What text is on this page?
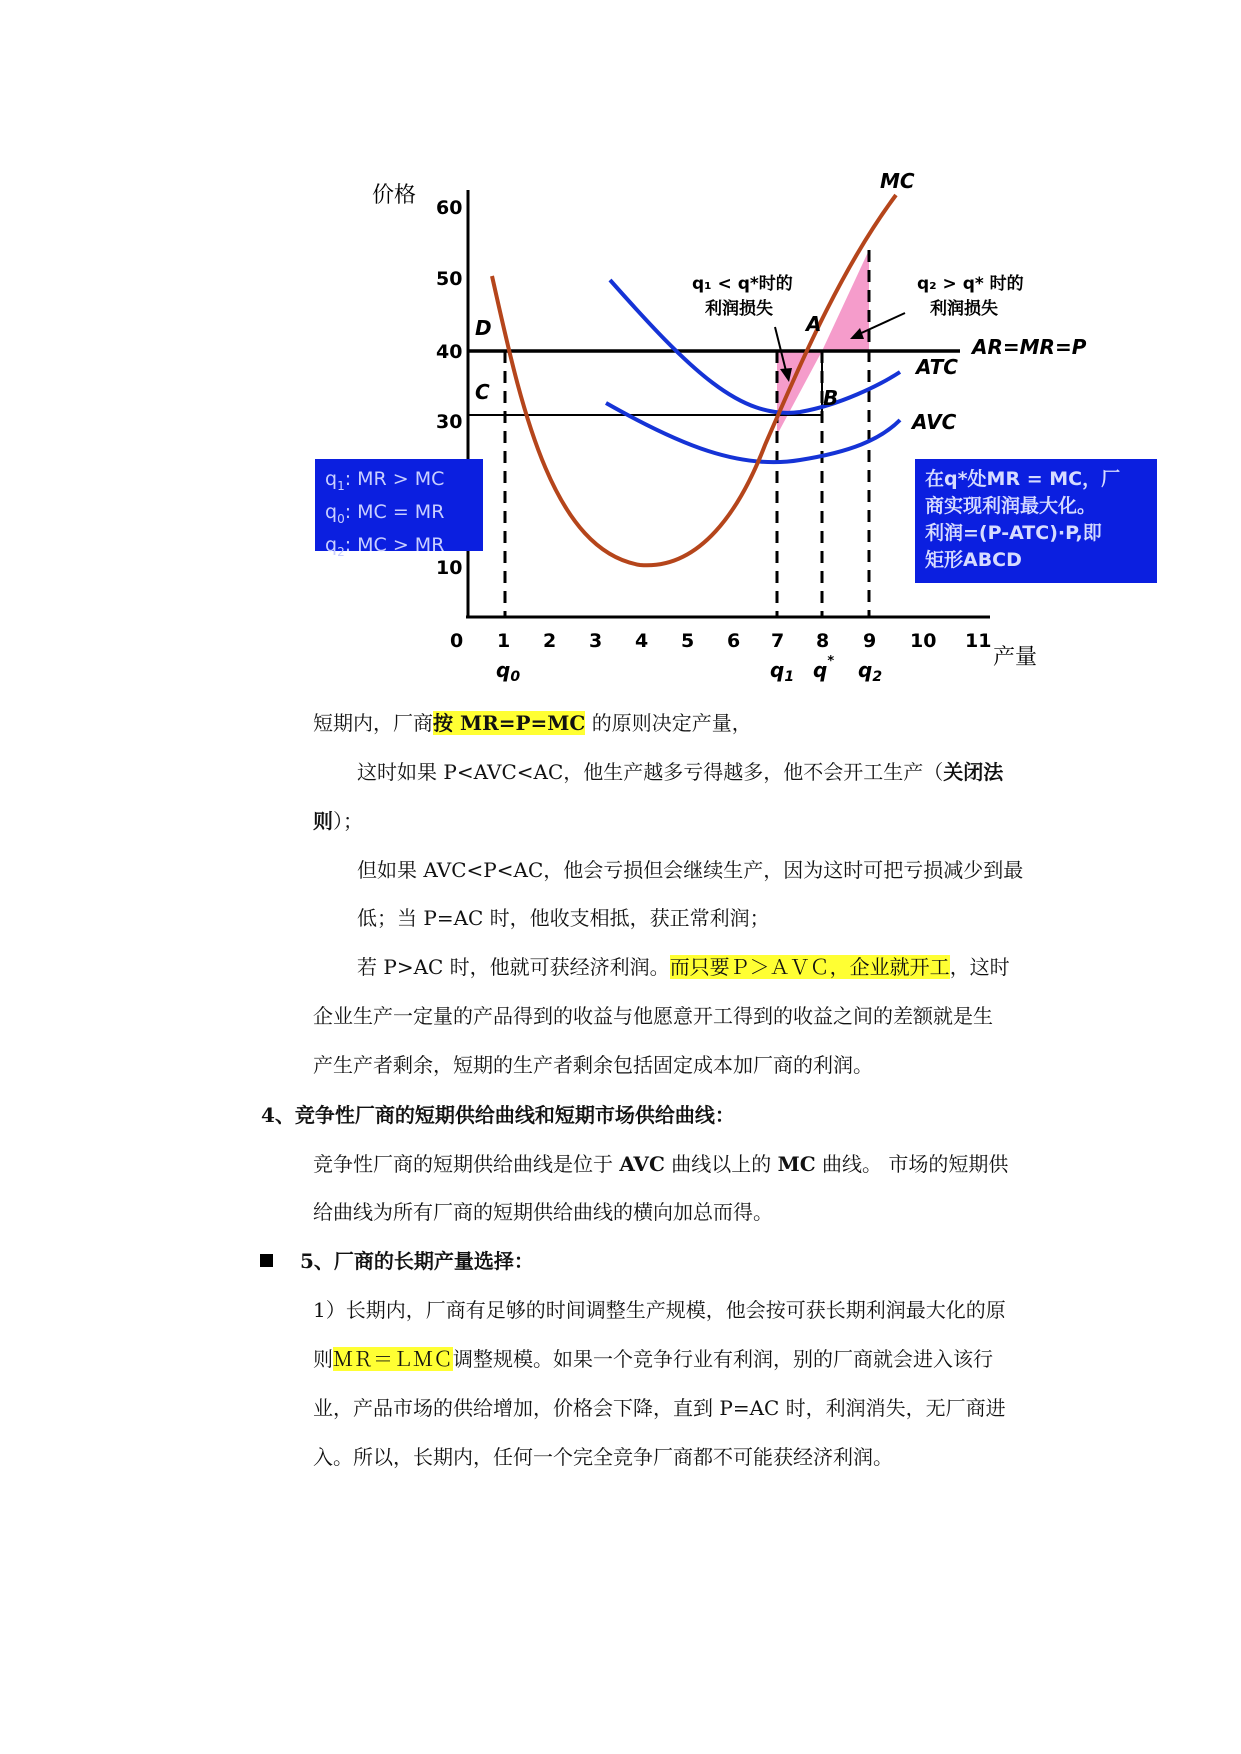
价格
产量
60
50
40
30
10
0 1 2 3 4 5 6 7 8 9 10 11
$q_0$	$q_1$ q* $q_2$
MC
ATC
AVC
AR=MR=P
A
B
C
D
q₁ < q*时的
利润损失
q₂ > q* 时的
利润损失
$q_1$: MR > MC
$q_0$: MC = MR
$q_2$: MC > MR
在q*处MR = MC，厂
商实现利润最大化。
利润=(P-ATC)·P,即
矩形ABCD
短期内，厂商按 MR=P=MC 的原则决定产量，
这时如果 P<AVC<AC，他生产越多亏得越多，他不会开工生产（关闭法
则）；
但如果 AVC<P<AC，他会亏损但会继续生产，因为这时可把亏损减少到最
低；当 P=AC 时，他收支相抵，获正常利润；
若 P>AC 时，他就可获经济利润。而只要Ｐ＞ＡＶＣ，企业就开工，这时
企业生产一定量的产品得到的收益与他愿意开工得到的收益之间的差额就是生
产生产者剩余，短期的生产者剩余包括固定成本加厂商的利润。
4、竞争性厂商的短期供给曲线和短期市场供给曲线：
竞争性厂商的短期供给曲线是位于 AVC 曲线以上的 MC 曲线。 市场的短期供
给曲线为所有厂商的短期供给曲线的横向加总而得。
5、厂商的长期产量选择：
1）长期内，厂商有足够的时间调整生产规模，他会按可获长期利润最大化的原
则ＭＲ＝ＬＭＣ调整规模。如果一个竞争行业有利润，别的厂商就会进入该行
业，产品市场的供给增加，价格会下降，直到 P=AC 时，利润消失，无厂商进
入。所以，长期内，任何一个完全竞争厂商都不可能获经济利润。
